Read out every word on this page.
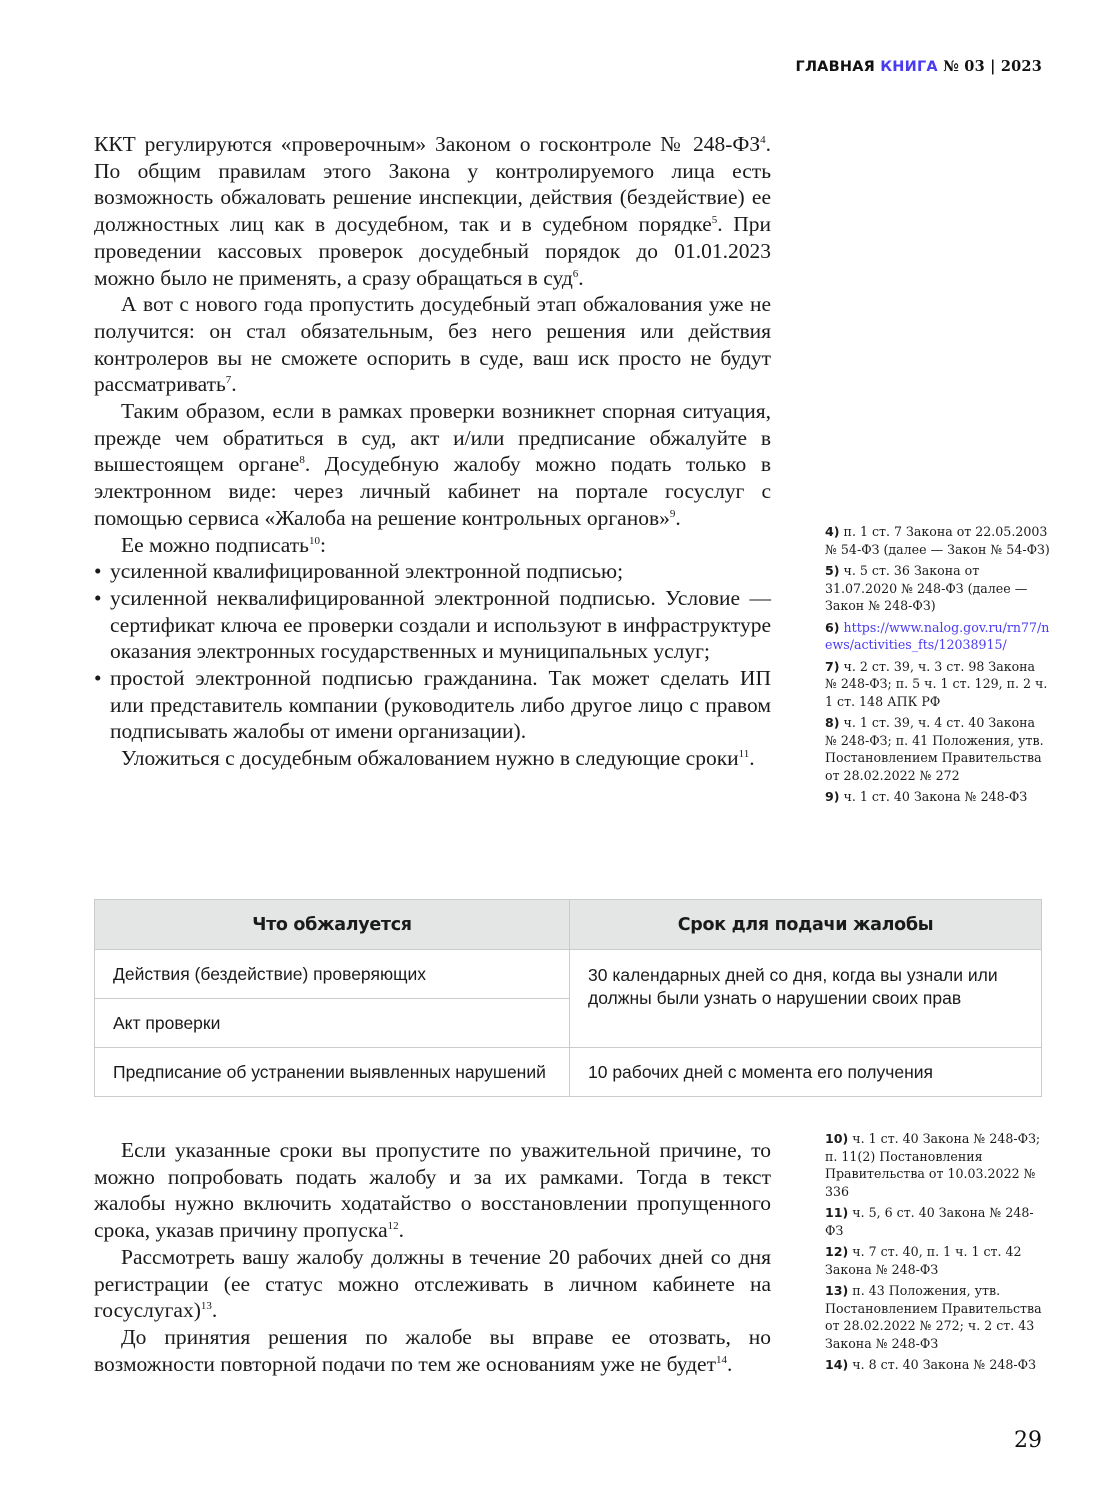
ГЛАВНАЯ КНИГА № 03 | 2023

ККТ регулируются «проверочным» Законом о госконтроле № $248-ФЗ^4$. По общим правилам этого Закона у контролируемого лица есть возможность обжаловать решение инспекции, действия (бездействие) ее должностных лиц как в досудебном, так и в судебном порядке$^5$. При проведении кассовых проверок досудебный порядок до 01.01.2023 можно было не применять, а сразу обращаться в суд$^6$.

А вот с нового года пропустить досудебный этап обжалования уже не получится: он стал обязательным, без него решения или действия контролеров вы не сможете оспорить в суде, ваш иск просто не будут рассматривать$^7$.

Таким образом, если в рамках проверки возникнет спорная ситуация, прежде чем обратиться в суд, акт и/или предписание обжалуйте в вышестоящем органе$^8$. Досудебную жалобу можно подать только в электронном виде: через личный кабинет на портале госуслуг с помощью сервиса «Жалоба на решение контрольных органов»$^9$.

Ее можно подписать$^{10}$:

• усиленной квалифицированной электронной подписью;
• усиленной неквалифицированной электронной подписью. Условие — сертификат ключа ее проверки создали и используют в инфраструктуре оказания электронных государственных и муниципальных услуг;
• простой электронной подписью гражданина. Так может сделать ИП или представитель компании (руководитель либо другое лицо с правом подписывать жалобы от имени организации).

Уложиться с досудебным обжалованием нужно в следующие сроки$^{11}$.

4) п. 1 ст. 7 Закона от 22.05.2003 № 54-ФЗ (далее — Закон № 54-ФЗ)
5) ч. 5 ст. 36 Закона от 31.07.2020 № 248-ФЗ (далее — Закон № 248-ФЗ)
6) https://www.nalog.gov.ru/rn77/news/activities_fts/12038915/
7) ч. 2 ст. 39, ч. 3 ст. 98 Закона № 248-ФЗ; п. 5 ч. 1 ст. 129, п. 2 ч. 1 ст. 148 АПК РФ
8) ч. 1 ст. 39, ч. 4 ст. 40 Закона № 248-ФЗ; п. 41 Положения, утв. Постановлением Правительства от 28.02.2022 № 272
9) ч. 1 ст. 40 Закона № 248-ФЗ
Что обжалуется	Срок для подачи жалобы
Действия (бездействие) проверяющих	30 календарных дней со дня, когда вы узнали или должны были узнать о нарушении своих прав
Акт проверки	
Предписание об устранении выявленных нарушений	10 рабочих дней с момента его получения

Если указанные сроки вы пропустите по уважительной причине, то можно попробовать подать жалобу и за их рамками. Тогда в текст жалобы нужно включить ходатайство о восстановлении пропущенного срока, указав причину пропуска$^{12}$.

Рассмотреть вашу жалобу должны в течение 20 рабочих дней со дня регистрации (ее статус можно отслеживать в личном кабинете на госуслугах)$^{13}$.

До принятия решения по жалобе вы вправе ее отозвать, но возможности повторной подачи по тем же основаниям уже не будет$^{14}$.

10) ч. 1 ст. 40 Закона № 248-ФЗ; п. 11(2) Постановления Правительства от 10.03.2022 № 336
11) ч. 5, 6 ст. 40 Закона № 248-ФЗ
12) ч. 7 ст. 40, п. 1 ч. 1 ст. 42 Закона № 248-ФЗ
13) п. 43 Положения, утв. Постановлением Правительства от 28.02.2022 № 272; ч. 2 ст. 43 Закона № 248-ФЗ
14) ч. 8 ст. 40 Закона № 248-ФЗ
29
